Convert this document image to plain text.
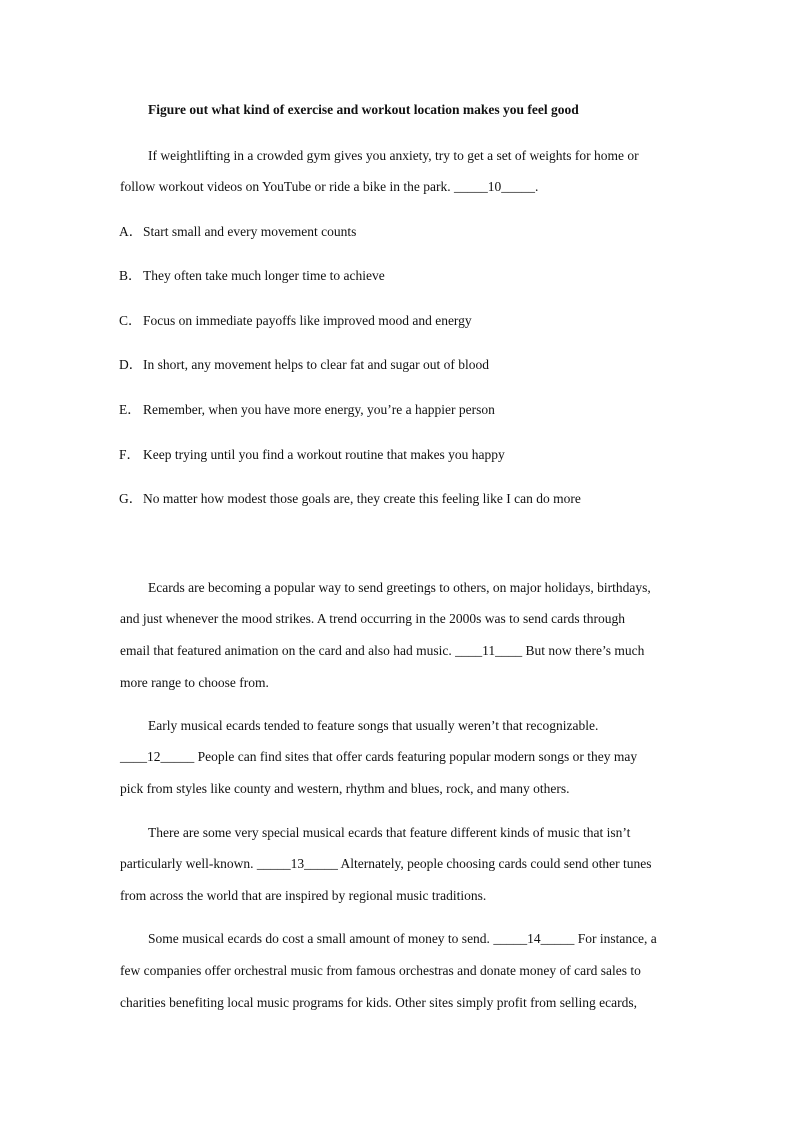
Figure out what kind of exercise and workout location makes you feel good
If weightlifting in a crowded gym gives you anxiety, try to get a set of weights for home or
follow workout videos on YouTube or ride a bike in the park. _____10_____.
A．Start small and every movement counts
B．They often take much longer time to achieve
C．Focus on immediate payoffs like improved mood and energy
D．In short, any movement helps to clear fat and sugar out of blood
E． Remember, when you have more energy, you’re a happier person
F． Keep trying until you find a workout routine that makes you happy
G．No matter how modest those goals are, they create this feeling like I can do more
Ecards are becoming a popular way to send greetings to others, on major holidays, birthdays,
and just whenever the mood strikes. A trend occurring in the 2000s was to send cards through
email that featured animation on the card and also had music. ____11____ But now there’s much
more range to choose from.
Early musical ecards tended to feature songs that usually weren’t that recognizable.
____12_____ People can find sites that offer cards featuring popular modern songs or they may
pick from styles like county and western, rhythm and blues, rock, and many others.
There are some very special musical ecards that feature different kinds of music that isn’t
particularly well-known. _____13_____ Alternately, people choosing cards could send other tunes
from across the world that are inspired by regional music traditions.
Some musical ecards do cost a small amount of money to send. _____14_____ For instance, a
few companies offer orchestral music from famous orchestras and donate money of card sales to
charities benefiting local music programs for kids. Other sites simply profit from selling ecards,
